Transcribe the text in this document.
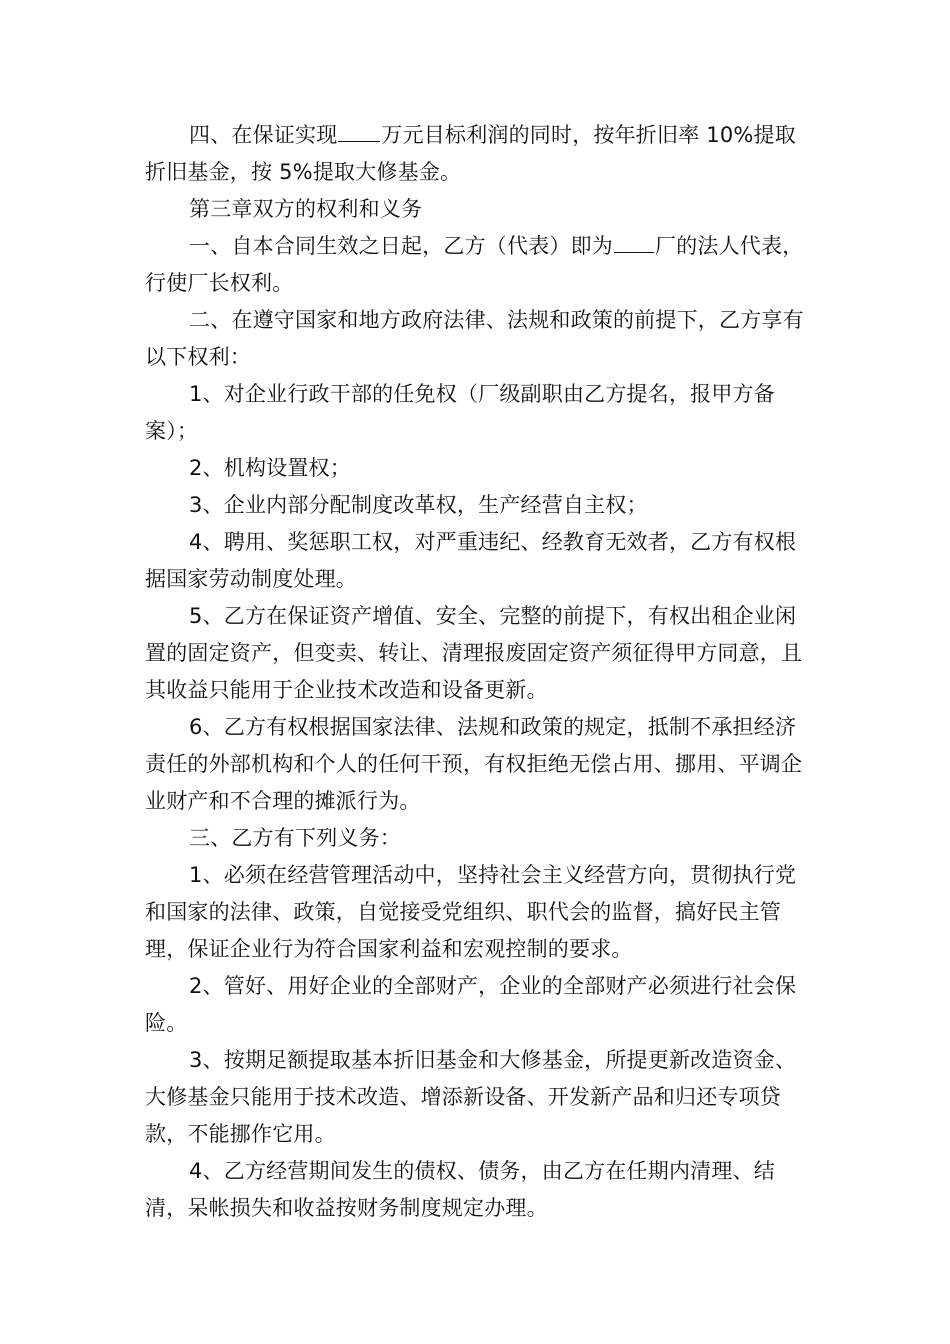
四、在保证实现 万元目标利润的同时，按年折旧率 10%提取折旧基金，按 5%提取大修基金。

第三章双方的权利和义务

一、自本合同生效之日起，乙方（代表）即为 厂的法人代表，行使厂长权利。

二、在遵守国家和地方政府法律、法规和政策的前提下，乙方享有以下权利：

1、对企业行政干部的任免权（厂级副职由乙方提名，报甲方备案）；

2、机构设置权；

3、企业内部分配制度改革权，生产经营自主权；

4、聘用、奖惩职工权，对严重违纪、经教育无效者，乙方有权根据国家劳动制度处理。

5、乙方在保证资产增值、安全、完整的前提下，有权出租企业闲置的固定资产，但变卖、转让、清理报废固定资产须征得甲方同意，且其收益只能用于企业技术改造和设备更新。

6、乙方有权根据国家法律、法规和政策的规定，抵制不承担经济责任的外部机构和个人的任何干预，有权拒绝无偿占用、挪用、平调企业财产和不合理的摊派行为。

三、乙方有下列义务：

1、必须在经营管理活动中，坚持社会主义经营方向，贯彻执行党和国家的法律、政策，自觉接受党组织、职代会的监督，搞好民主管理，保证企业行为符合国家利益和宏观控制的要求。

2、管好、用好企业的全部财产，企业的全部财产必须进行社会保险。

3、按期足额提取基本折旧基金和大修基金，所提更新改造资金、大修基金只能用于技术改造、增添新设备、开发新产品和归还专项贷款，不能挪作它用。

4、乙方经营期间发生的债权、债务，由乙方在任期内清理、结清，呆帐损失和收益按财务制度规定办理。
